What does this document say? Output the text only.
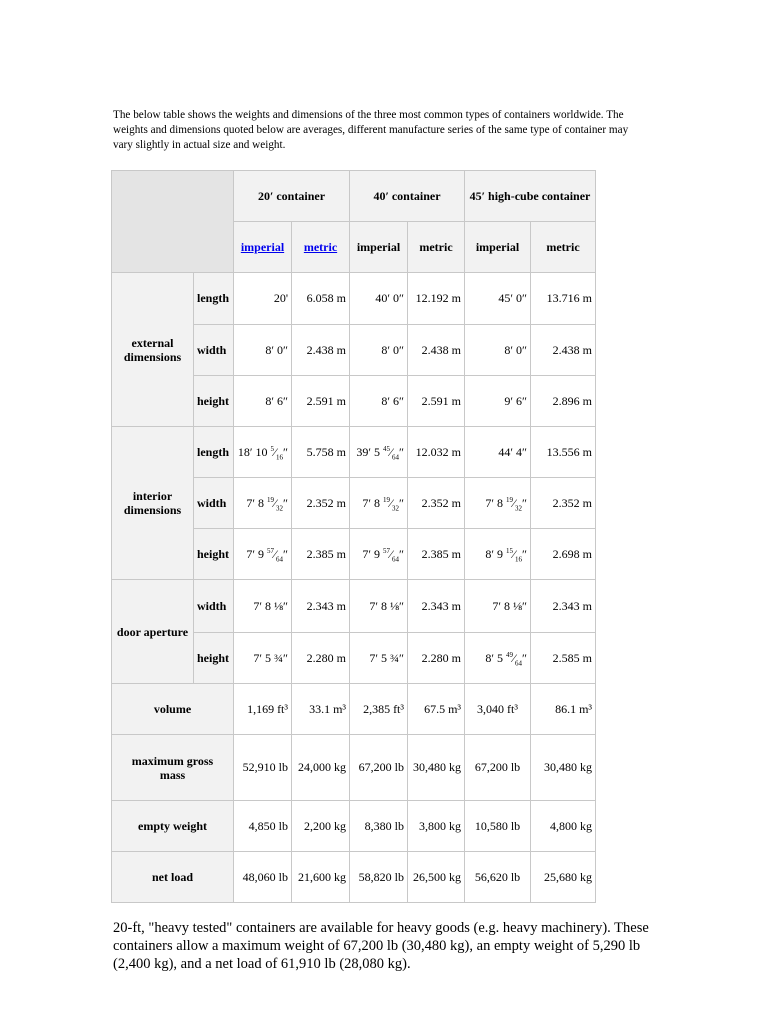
The below table shows the weights and dimensions of the three most common types of containers worldwide. The weights and dimensions quoted below are averages, different manufacture series of the same type of container may vary slightly in actual size and weight.

		20′ container		40′ container		45′ high-cube container	
		imperial	metric	imperial	metric	imperial	metric
external dimensions	length	20'	6.058 m	40′ 0″	12.192 m	45′ 0″	13.716 m
	width	8′ 0″	2.438 m	8′ 0″	2.438 m	8′ 0″	2.438 m
	height	8′ 6″	2.591 m	8′ 6″	2.591 m	9′ 6″	2.896 m
interior dimensions	length	18′ 10 $^5⁄_{16}''$	5.758 m	39′ 5 $^{45}⁄_{64}''$	12.032 m	44′ 4″	13.556 m
	width	7′ 8 $^{19}⁄_{32}''$	2.352 m	7′ 8 $^{19}⁄_{32}''$	2.352 m	7′ 8 $^{19}⁄_{32}''$	2.352 m
	height	7′ 9 $^{57}⁄_{64}''$	2.385 m	7′ 9 $^{57}⁄_{64}''$	2.385 m	8′ 9 $^{15}⁄_{16}''$	2.698 m
door aperture	width	7′ 8 ⅛″	2.343 m	7′ 8 ⅛″	2.343 m	7′ 8 ⅛″	2.343 m
	height	7′ 5 ¾″	2.280 m	7′ 5 ¾″	2.280 m	8′ 5 $^{49}⁄_{64}''$	2.585 m
volume		1,169 ft³	33.1 m³	2,385 ft³	67.5 m³	3,040 ft³	86.1 m³

maximum gross mass		52,910 lb	24,000 kg	67,200 lb	30,480 kg	67,200 lb	30,480 kg
empty weight		4,850 lb	2,200 kg	8,380 lb	3,800 kg	10,580 lb	4,800 kg
net load		48,060 lb	21,600 kg	58,820 lb	26,500 kg	56,620 lb	25,680 kg

20-ft, "heavy tested" containers are available for heavy goods (e.g. heavy machinery). These containers allow a maximum weight of 67,200 lb (30,480 kg), an empty weight of 5,290 lb (2,400 kg), and a net load of 61,910 lb (28,080 kg).
